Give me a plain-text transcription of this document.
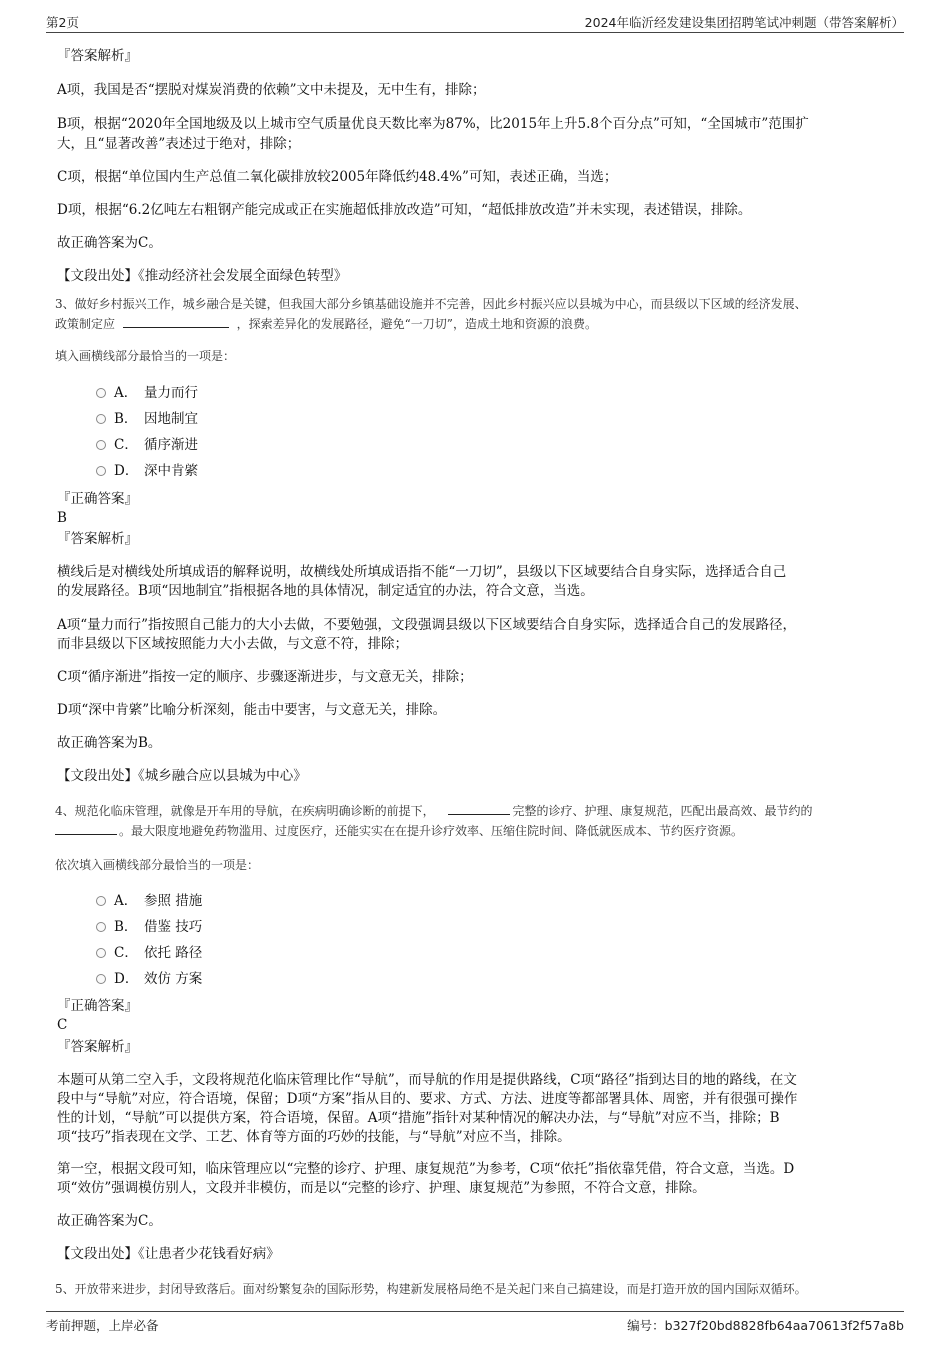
第2页	2024年临沂经发建设集团招聘笔试冲刺题（带答案解析）
『答案解析』
A项，我国是否“摆脱对煤炭消费的依赖”文中未提及，无中生有，排除；
B项，根据“2020年全国地级及以上城市空气质量优良天数比率为87%，比2015年上升5.8个百分点”可知，“全国城市”范围扩
大，且“显著改善”表述过于绝对，排除；
C项，根据“单位国内生产总值二氧化碳排放较2005年降低约48.4%”可知，表述正确，当选；
D项，根据“6.2亿吨左右粗钢产能完成或正在实施超低排放改造”可知，“超低排放改造”并未实现，表述错误，排除。
故正确答案为C。
【文段出处】《推动经济社会发展全面绿色转型》
3、做好乡村振兴工作，城乡融合是关键，但我国大部分乡镇基础设施并不完善，因此乡村振兴应以县城为中心，而县级以下区域的经济发展、
政策制定应	，探索差异化的发展路径，避免“一刀切”，造成土地和资源的浪费。
填入画横线部分最恰当的一项是：
A． 量力而行
B． 因地制宜
C． 循序渐进
D． 深中肯綮
『正确答案』
B
『答案解析』
横线后是对横线处所填成语的解释说明，故横线处所填成语指不能“一刀切”，县级以下区域要结合自身实际，选择适合自己
的发展路径。B项“因地制宜”指根据各地的具体情况，制定适宜的办法，符合文意，当选。
A项“量力而行”指按照自己能力的大小去做，不要勉强，文段强调县级以下区域要结合自身实际，选择适合自己的发展路径，
而非县级以下区域按照能力大小去做，与文意不符，排除；
C项“循序渐进”指按一定的顺序、步骤逐渐进步，与文意无关，排除；
D项“深中肯綮”比喻分析深刻，能击中要害，与文意无关，排除。
故正确答案为B。
【文段出处】《城乡融合应以县城为中心》
4、规范化临床管理，就像是开车用的导航，在疾病明确诊断的前提下，	完整的诊疗、护理、康复规范，匹配出最高效、最节约的
。最大限度地避免药物滥用、过度医疗，还能实实在在提升诊疗效率、压缩住院时间、降低就医成本、节约医疗资源。
依次填入画横线部分最恰当的一项是：
A． 参照 措施
B． 借鉴 技巧
C． 依托 路径
D． 效仿 方案
『正确答案』
C
『答案解析』
本题可从第二空入手，文段将规范化临床管理比作“导航”，而导航的作用是提供路线，C项“路径”指到达目的地的路线，在文
段中与“导航”对应，符合语境，保留；D项“方案”指从目的、要求、方式、方法、进度等都部署具体、周密，并有很强可操作
性的计划，“导航”可以提供方案，符合语境，保留。A项“措施”指针对某种情况的解决办法，与“导航”对应不当，排除；B
项“技巧”指表现在文学、工艺、体育等方面的巧妙的技能，与“导航”对应不当，排除。
第一空，根据文段可知，临床管理应以“完整的诊疗、护理、康复规范”为参考，C项“依托”指依靠凭借，符合文意，当选。D
项“效仿”强调模仿别人，文段并非模仿，而是以“完整的诊疗、护理、康复规范”为参照，不符合文意，排除。
故正确答案为C。
【文段出处】《让患者少花钱看好病》
5、开放带来进步，封闭导致落后。面对纷繁复杂的国际形势，构建新发展格局绝不是关起门来自己搞建设，而是打造开放的国内国际双循环。
考前押题，上岸必备	编号：b327f20bd8828fb64aa70613f2f57a8b
